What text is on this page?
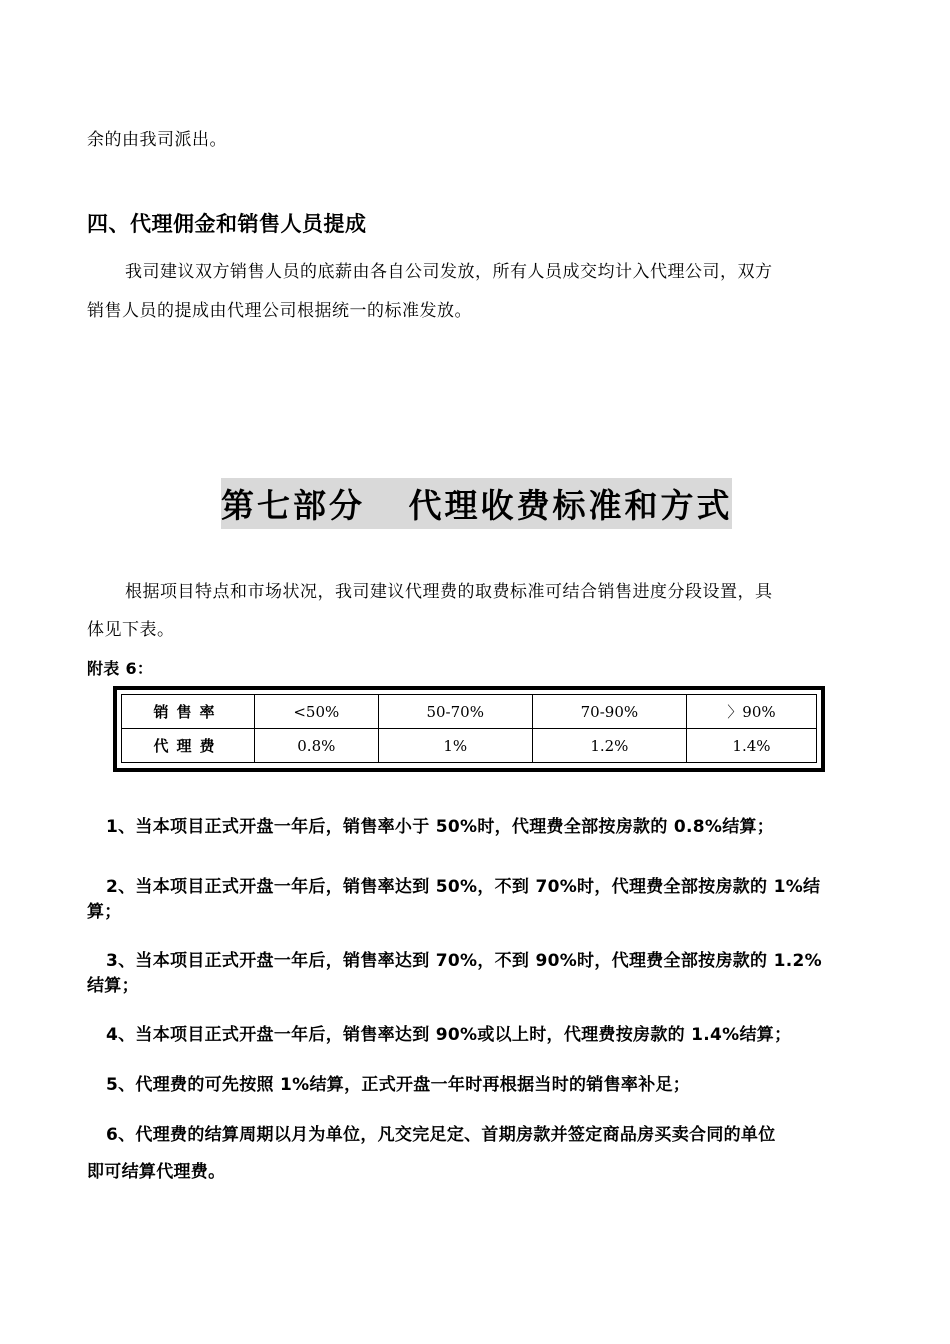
余的由我司派出。
四、代理佣金和销售人员提成
我司建议双方销售人员的底薪由各自公司发放，所有人员成交均计入代理公司，双方
销售人员的提成由代理公司根据统一的标准发放。
第七部分   代理收费标准和方式
根据项目特点和市场状况，我司建议代理费的取费标准可结合销售进度分段设置，具
体见下表。
附表 6：
销售率	<50%	50-70%	70-90%	〉90%
代理费	0.8%	1%	1.2%	1.4%
1、当本项目正式开盘一年后，销售率小于 50%时，代理费全部按房款的 0.8%结算；
2、当本项目正式开盘一年后，销售率达到 50%，不到 70%时，代理费全部按房款的 1%结
算；
3、当本项目正式开盘一年后，销售率达到 70%，不到 90%时，代理费全部按房款的 1.2%
结算；
4、当本项目正式开盘一年后，销售率达到 90%或以上时，代理费按房款的 1.4%结算；
5、代理费的可先按照 1%结算，正式开盘一年时再根据当时的销售率补足；
6、代理费的结算周期以月为单位，凡交完足定、首期房款并签定商品房买卖合同的单位
即可结算代理费。
